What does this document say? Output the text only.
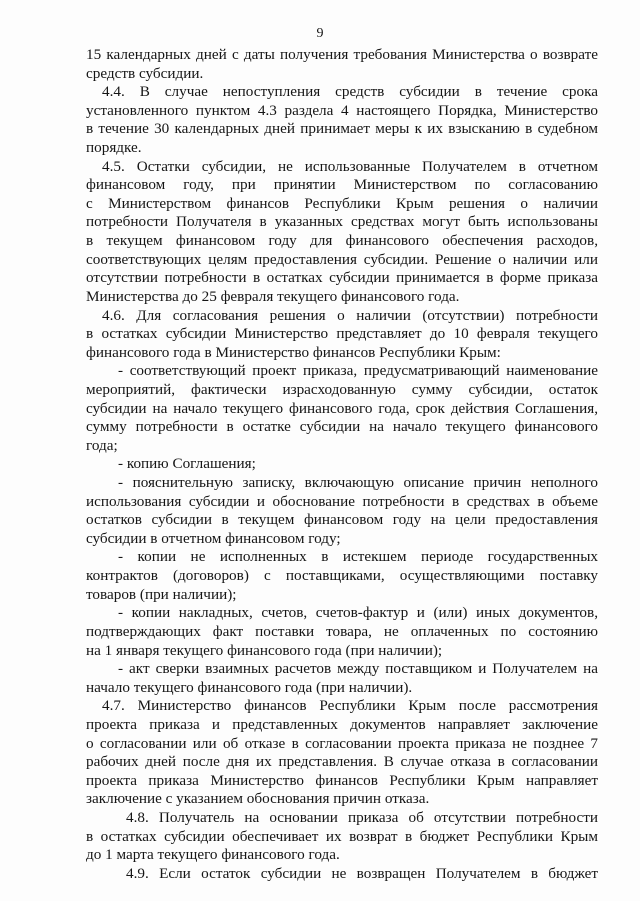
9
15 календарных дней с даты получения требования Министерства о возврате
средств субсидии.
4.4. В случае непоступления средств субсидии в течение срока
установленного пунктом 4.3 раздела 4 настоящего Порядка, Министерство
в течение 30 календарных дней принимает меры к их взысканию в судебном
порядке.
4.5. Остатки субсидии, не использованные Получателем в отчетном
финансовом году, при принятии Министерством по согласованию
с Министерством финансов Республики Крым решения о наличии
потребности Получателя в указанных средствах могут быть использованы
в текущем финансовом году для финансового обеспечения расходов,
соответствующих целям предоставления субсидии. Решение о наличии или
отсутствии потребности в остатках субсидии принимается в форме приказа
Министерства до 25 февраля текущего финансового года.
4.6. Для согласования решения о наличии (отсутствии) потребности
в остатках субсидии Министерство представляет до 10 февраля текущего
финансового года в Министерство финансов Республики Крым:
- соответствующий проект приказа, предусматривающий наименование
мероприятий, фактически израсходованную сумму субсидии, остаток
субсидии на начало текущего финансового года, срок действия Соглашения,
сумму потребности в остатке субсидии на начало текущего финансового
года;
- копию Соглашения;
- пояснительную записку, включающую описание причин неполного
использования субсидии и обоснование потребности в средствах в объеме
остатков субсидии в текущем финансовом году на цели предоставления
субсидии в отчетном финансовом году;
- копии не исполненных в истекшем периоде государственных
контрактов (договоров) с поставщиками, осуществляющими поставку
товаров (при наличии);
- копии накладных, счетов, счетов-фактур и (или) иных документов,
подтверждающих факт поставки товара, не оплаченных по состоянию
на 1 января текущего финансового года (при наличии);
- акт сверки взаимных расчетов между поставщиком и Получателем на
начало текущего финансового года (при наличии).
4.7. Министерство финансов Республики Крым после рассмотрения
проекта приказа и представленных документов направляет заключение
о согласовании или об отказе в согласовании проекта приказа не позднее 7
рабочих дней после дня их представления. В случае отказа в согласовании
проекта приказа Министерство финансов Республики Крым направляет
заключение с указанием обоснования причин отказа.
4.8. Получатель на основании приказа об отсутствии потребности
в остатках субсидии обеспечивает их возврат в бюджет Республики Крым
до 1 марта текущего финансового года.
4.9. Если остаток субсидии не возвращен Получателем в бюджет
